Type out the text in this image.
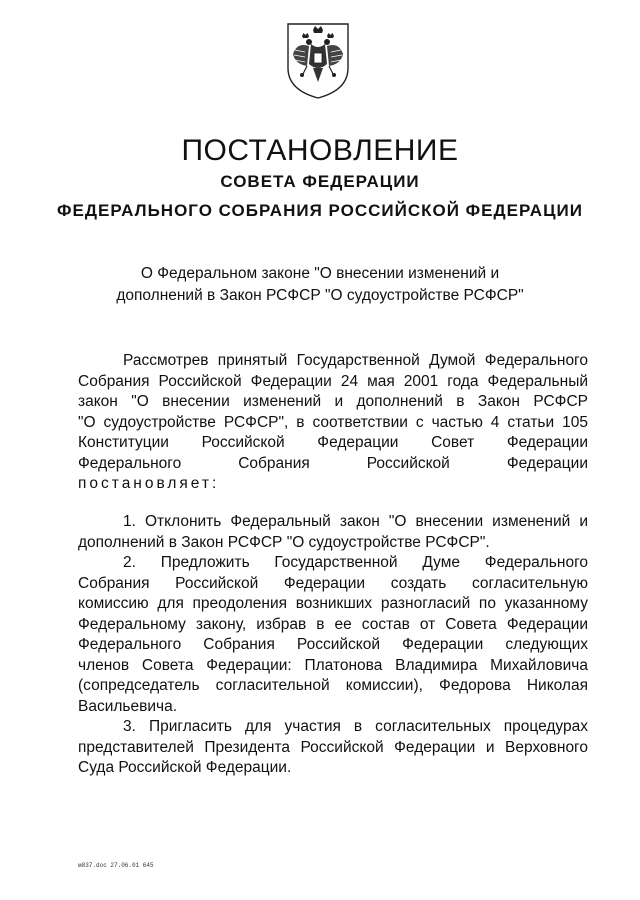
ПОСТАНОВЛЕНИЕ
СОВЕТА ФЕДЕРАЦИИ
ФЕДЕРАЛЬНОГО СОБРАНИЯ РОССИЙСКОЙ ФЕДЕРАЦИИ
О Федеральном законе "О внесении изменений и
дополнений в Закон РСФСР "О судоустройстве РСФСР"
Рассмотрев принятый Государственной Думой Федерального
Собрания Российской Федерации 24 мая 2001 года Федеральный
закон "О внесении изменений и дополнений в Закон РСФСР
"О судоустройстве РСФСР", в соответствии с частью 4 статьи 105
Конституции Российской Федерации Совет Федерации
Федерального Собрания Российской Федерации
постановляет:
1. Отклонить Федеральный закон "О внесении изменений и
дополнений в Закон РСФСР "О судоустройстве РСФСР".
2. Предложить Государственной Думе Федерального
Собрания Российской Федерации создать согласительную
комиссию для преодоления возникших разногласий по указанному
Федеральному закону, избрав в ее состав от Совета Федерации
Федерального Собрания Российской Федерации следующих
членов Совета Федерации: Платонова Владимира Михайловича
(сопредседатель согласительной комиссии), Федорова Николая
Васильевича.
3. Пригласить для участия в согласительных процедурах
представителей Президента Российской Федерации и Верховного
Суда Российской Федерации.
м837.doc 27.06.01 645
